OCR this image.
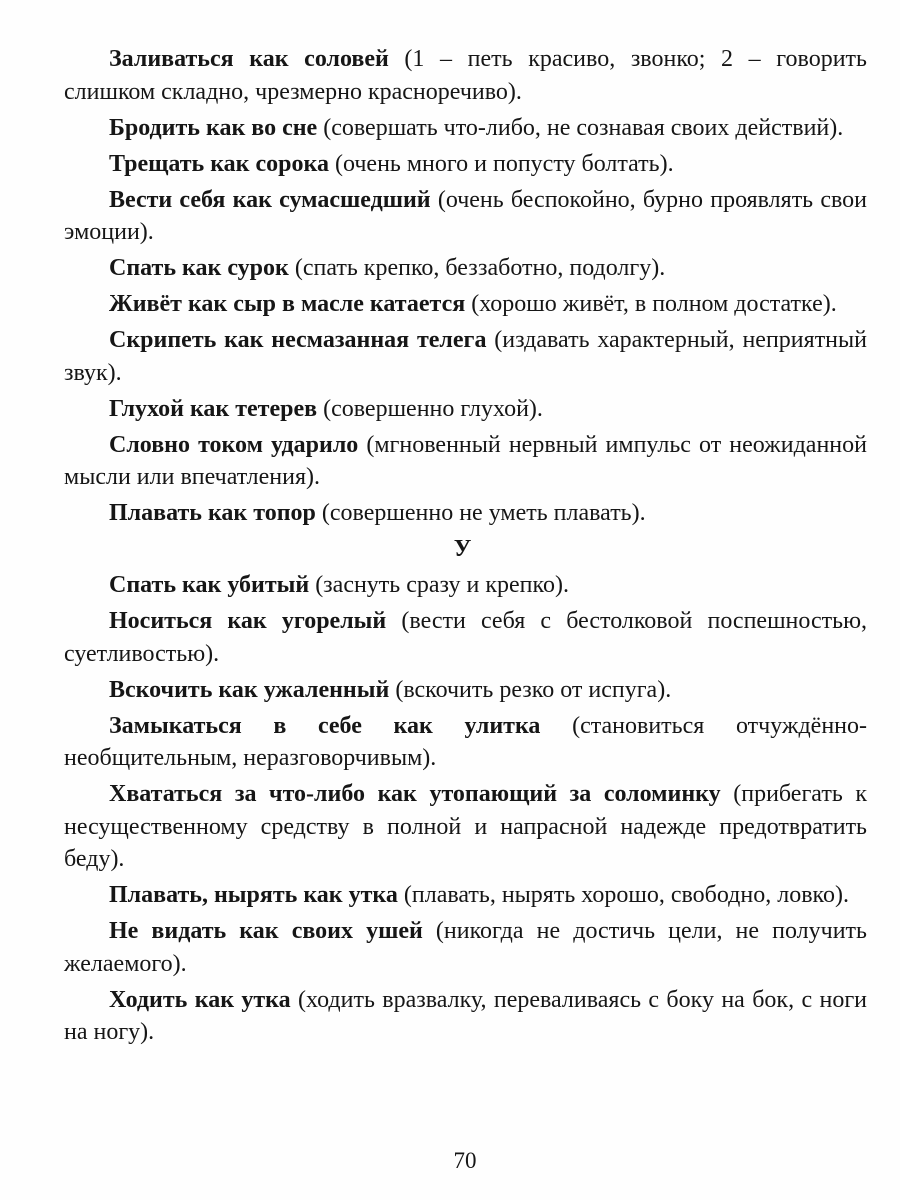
Заливаться как соловей (1 – петь красиво, звонко; 2 – говорить слишком складно, чрезмерно красноречиво).

Бродить как во сне (совершать что-либо, не сознавая своих действий).

Трещать как сорока (очень много и попусту болтать).

Вести себя как сумасшедший (очень беспокойно, бурно проявлять свои эмоции).

Спать как сурок (спать крепко, беззаботно, подолгу).

Живёт как сыр в масле катается (хорошо живёт, в полном достатке).

Скрипеть как несмазанная телега (издавать характерный, неприятный звук).

Глухой как тетерев (совершенно глухой).

Словно током ударило (мгновенный нервный импульс от неожиданной мысли или впечатления).

Плавать как топор (совершенно не уметь плавать).

У

Спать как убитый (заснуть сразу и крепко).

Носиться как угорелый (вести себя с бестолковой поспешностью, суетливостью).

Вскочить как ужаленный (вскочить резко от испуга).

Замыкаться в себе как улитка (становиться отчуждённо-необщительным, неразговорчивым).

Хвататься за что-либо как утопающий за соломинку (прибегать к несущественному средству в полной и напрасной надежде предотвратить беду).

Плавать, нырять как утка (плавать, нырять хорошо, свободно, ловко).

Не видать как своих ушей (никогда не достичь цели, не получить желаемого).

Ходить как утка (ходить вразвалку, переваливаясь с боку на бок, с ноги на ногу).

70
